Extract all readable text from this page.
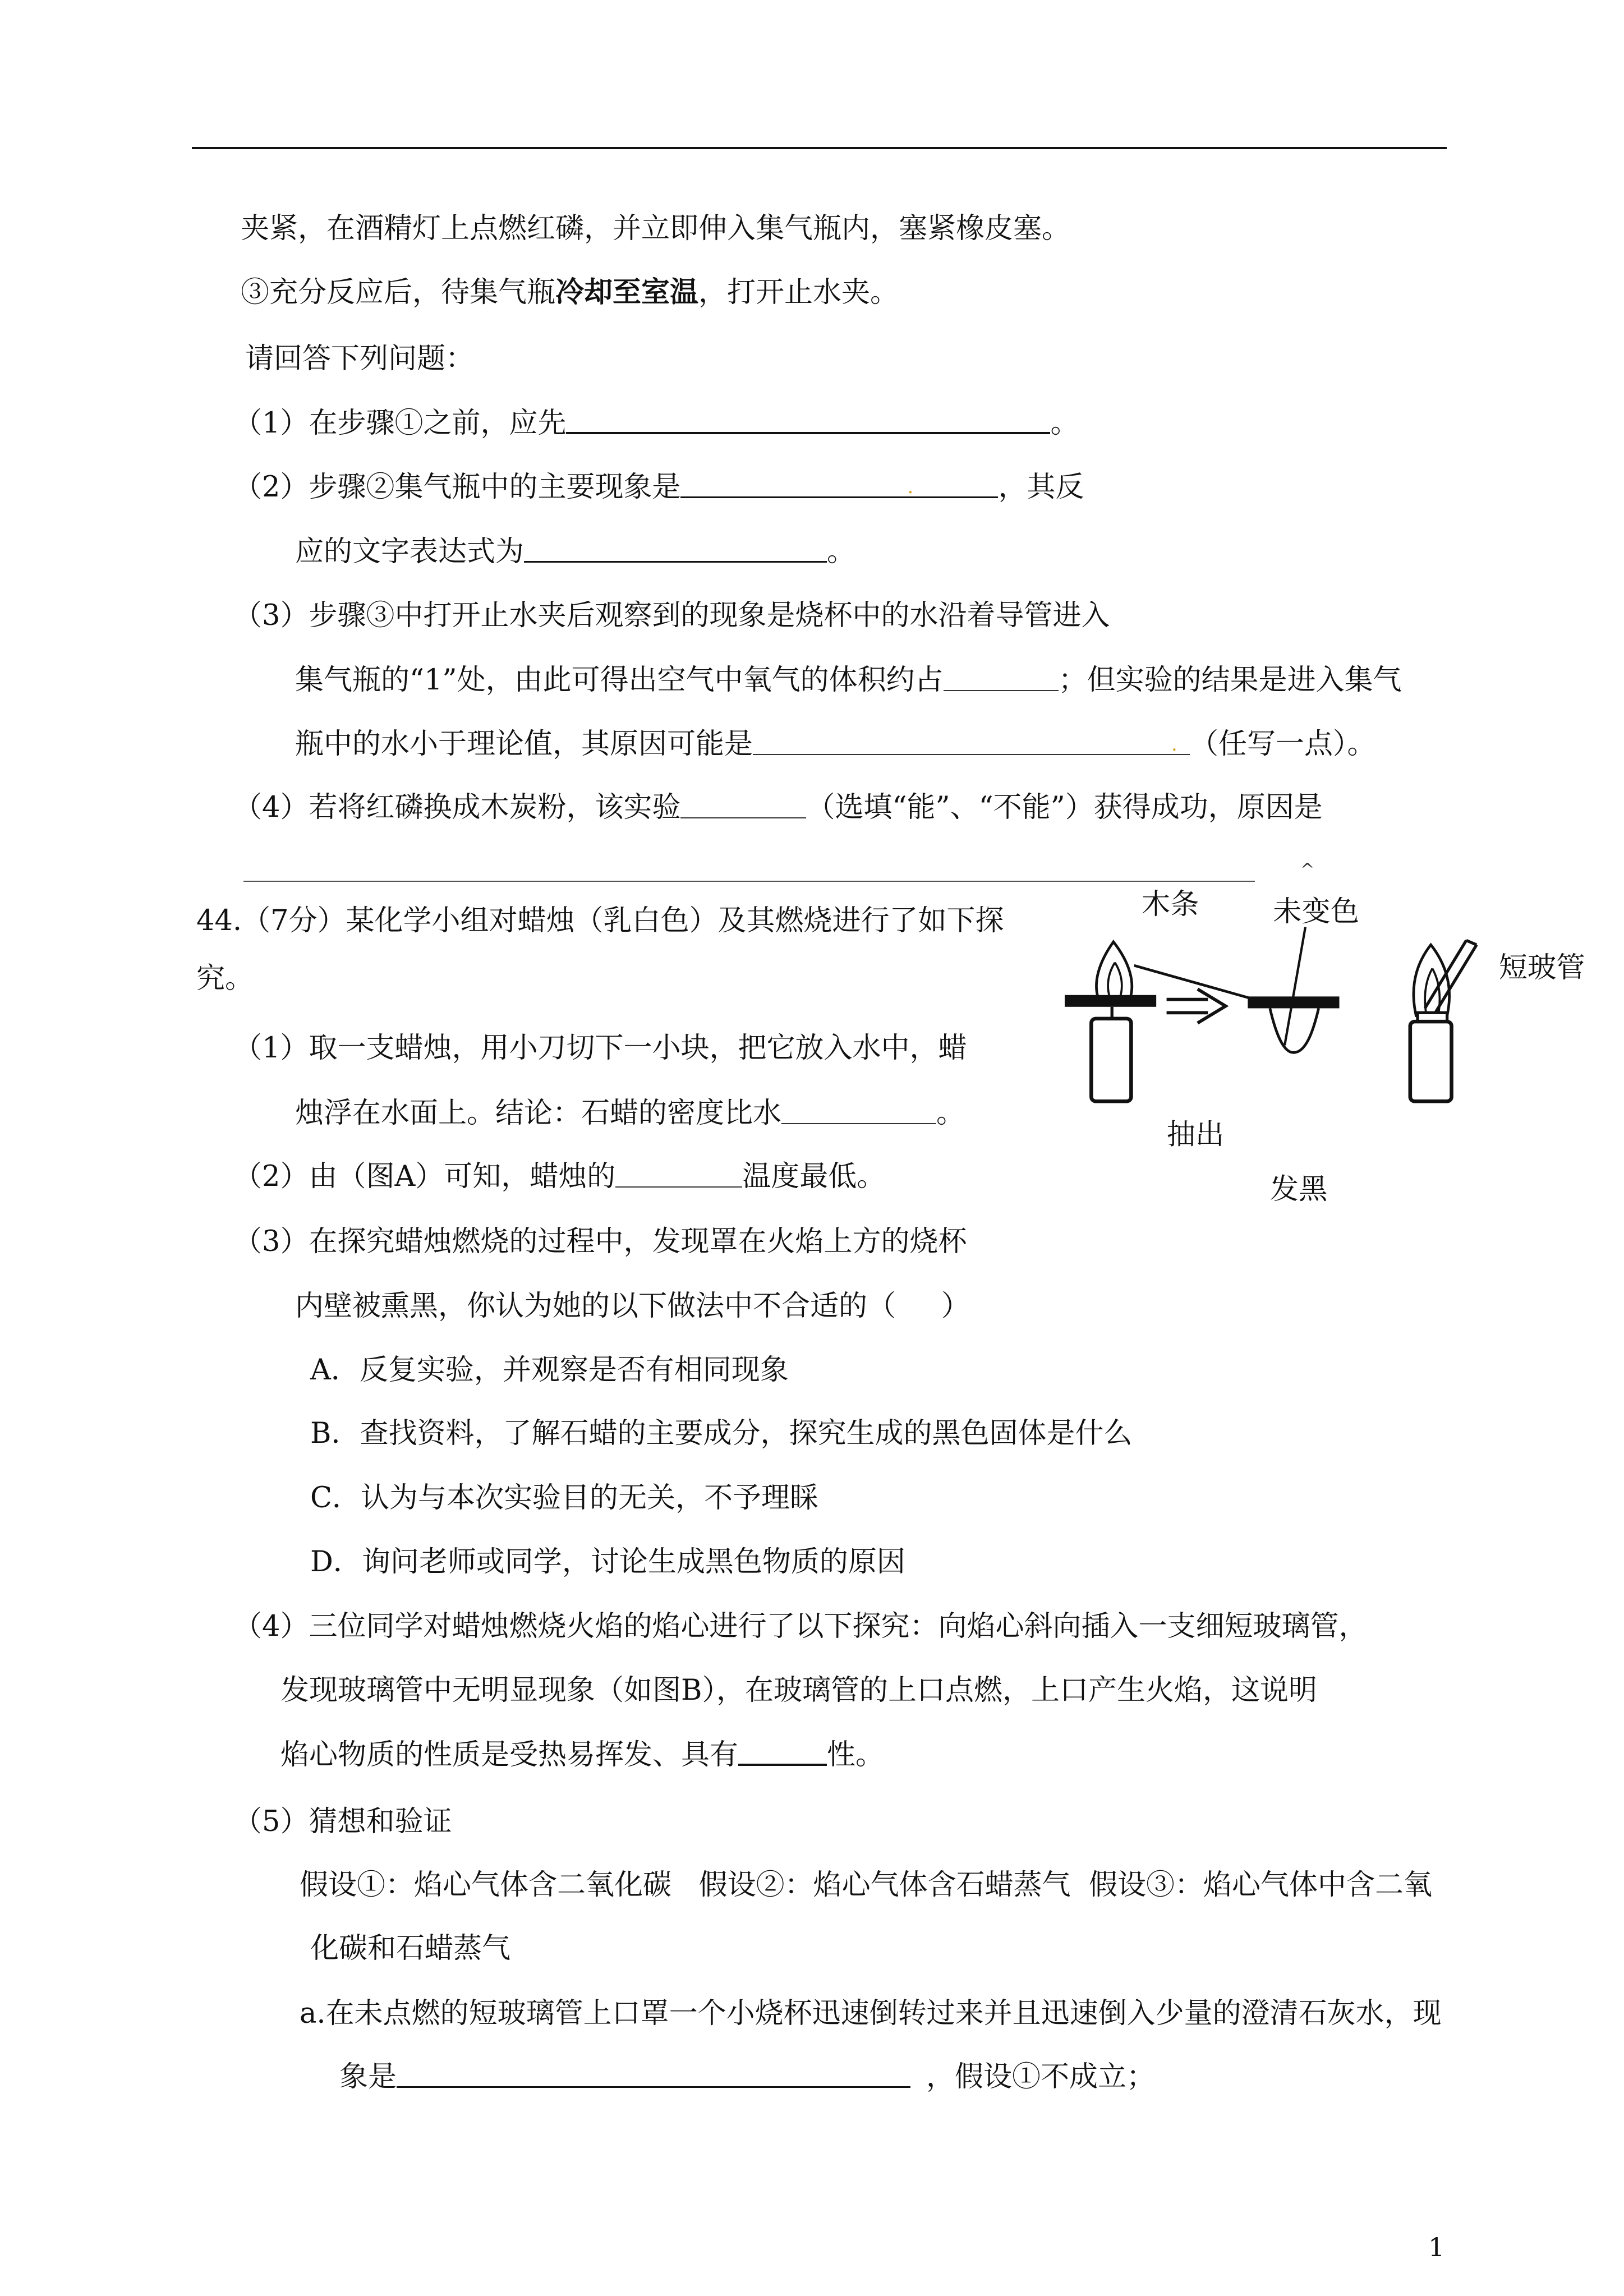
夹紧，在酒精灯上点燃红磷，并立即伸入集气瓶内，塞紧橡皮塞。
③充分反应后，待集气瓶冷却至室温，打开止水夹。
请回答下列问题：
（1）在步骤①之前，应先	。
（2）步骤②集气瓶中的主要现象是	.	，其反
应的文字表达式为	。
（3）步骤③中打开止水夹后观察到的现象是烧杯中的水沿着导管进入
集气瓶的“1”处，由此可得出空气中氧气的体积约占	；但实验的结果是进入集气
瓶中的水小于理论值，其原因可能是	. （任写一点）。
（4）若将红磷换成木炭粉，该实验	（选填“能”、“不能”）获得成功，原因是
^
44.（7分）某化学小组对蜡烛（乳白色）及其燃烧进行了如下探
究。
（1）取一支蜡烛，用小刀切下一小块，把它放入水中，蜡
烛浮在水面上。结论：石蜡的密度比水	。
（2）由（图A）可知，蜡烛的	温度最低。
（3）在探究蜡烛燃烧的过程中，发现罩在火焰上方的烧杯
内壁被熏黑，你认为她的以下做法中不合适的（     ）
A．反复实验，并观察是否有相同现象
B．查找资料，了解石蜡的主要成分，探究生成的黑色固体是什么
C．认为与本次实验目的无关，不予理睬
D．询问老师或同学，讨论生成黑色物质的原因
（4）三位同学对蜡烛燃烧火焰的焰心进行了以下探究：向焰心斜向插入一支细短玻璃管，
发现玻璃管中无明显现象（如图B），在玻璃管的上口点燃，上口产生火焰，这说明
焰心物质的性质是受热易挥发、具有	性。
（5）猜想和验证
假设①：焰心气体含二氧化碳   假设②：焰心气体含石蜡蒸气  假设③：焰心气体中含二氧
化碳和石蜡蒸气
a.在未点燃的短玻璃管上口罩一个小烧杯迅速倒转过来并且迅速倒入少量的澄清石灰水，现
象是	，假设①不成立；
木条	未变色
短玻管
抽出
发黑
1
